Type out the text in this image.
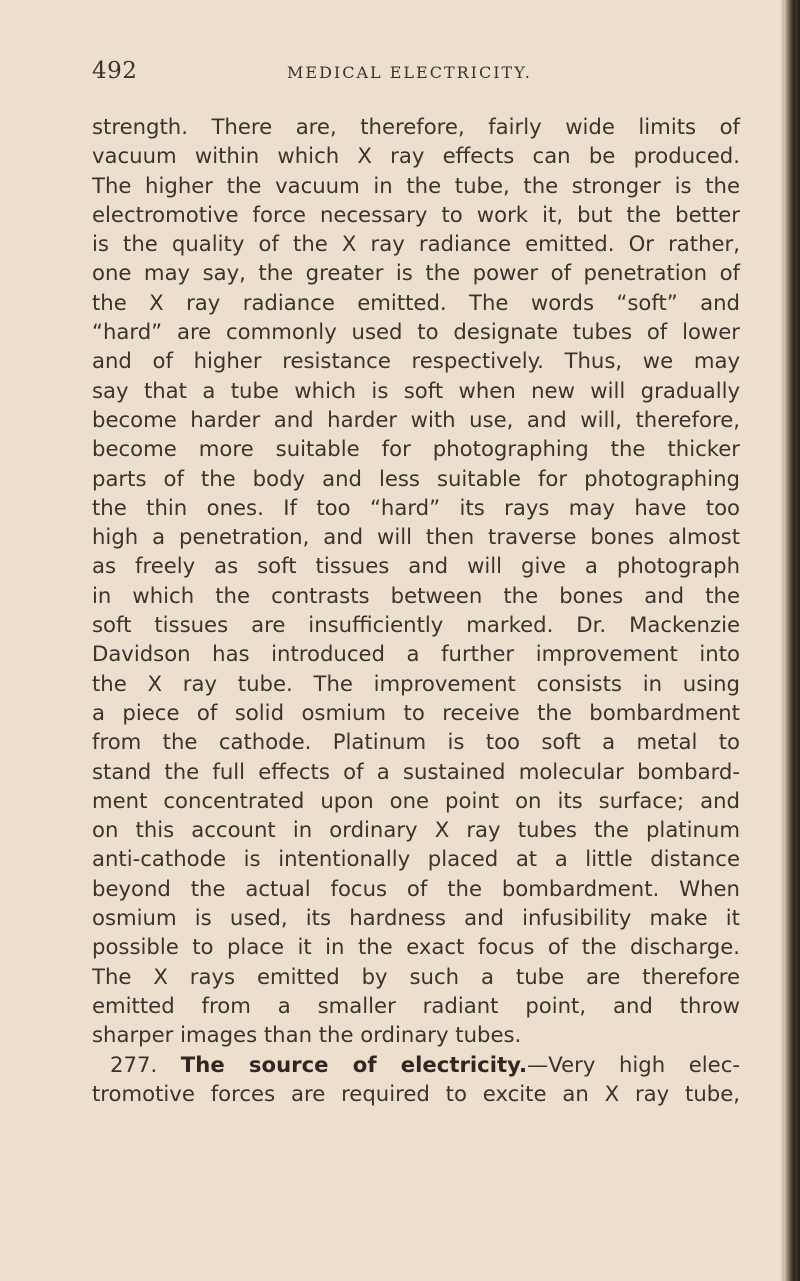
492	MEDICAL ELECTRICITY.
strength. There are, therefore, fairly wide limits of
vacuum within which X ray effects can be produced.
The higher the vacuum in the tube, the stronger is the
electromotive force necessary to work it, but the better
is the quality of the X ray radiance emitted. Or rather,
one may say, the greater is the power of penetration of
the X ray radiance emitted. The words “soft” and
“hard” are commonly used to designate tubes of lower
and of higher resistance respectively. Thus, we may
say that a tube which is soft when new will gradually
become harder and harder with use, and will, therefore,
become more suitable for photographing the thicker
parts of the body and less suitable for photographing
the thin ones. If too “hard” its rays may have too
high a penetration, and will then traverse bones almost
as freely as soft tissues and will give a photograph
in which the contrasts between the bones and the
soft tissues are insufficiently marked. Dr. Mackenzie
Davidson has introduced a further improvement into
the X ray tube. The improvement consists in using
a piece of solid osmium to receive the bombardment
from the cathode. Platinum is too soft a metal to
stand the full effects of a sustained molecular bombard-
ment concentrated upon one point on its surface; and
on this account in ordinary X ray tubes the platinum
anti-cathode is intentionally placed at a little distance
beyond the actual focus of the bombardment. When
osmium is used, its hardness and infusibility make it
possible to place it in the exact focus of the discharge.
The X rays emitted by such a tube are therefore
emitted from a smaller radiant point, and throw
sharper images than the ordinary tubes.
277. The source of electricity.—Very high elec-
tromotive forces are required to excite an X ray tube,
